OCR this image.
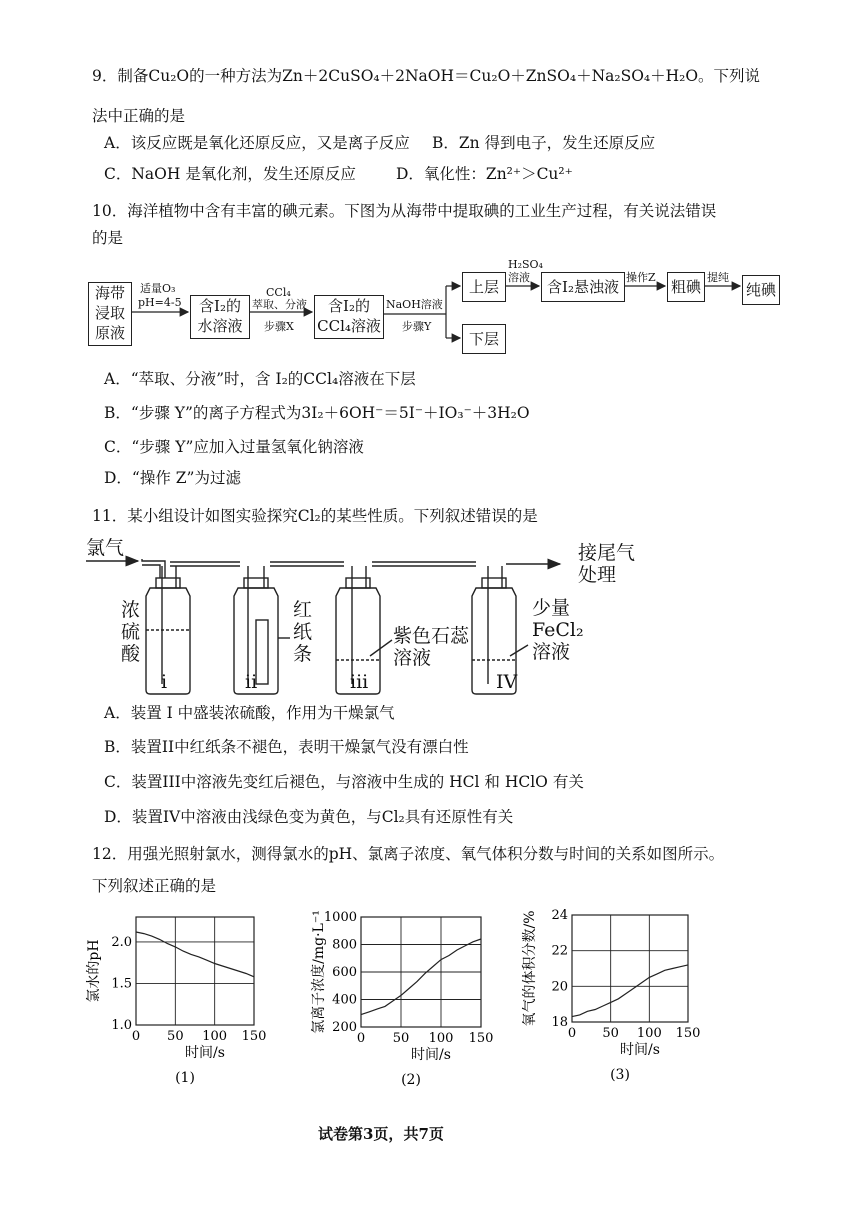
9．制备Cu₂O的一种方法为Zn＋2CuSO₄＋2NaOH＝Cu₂O＋ZnSO₄＋Na₂SO₄＋H₂O。下列说
法中正确的是
A．该反应既是氧化还原反应，又是离子反应 B．Zn 得到电子，发生还原反应
C．NaOH 是氧化剂，发生还原反应	D．氧化性：Zn²⁺＞Cu²⁺
10．海洋植物中含有丰富的碘元素。下图为从海带中提取碘的工业生产过程，有关说法错误
的是
海带
浸取
原液
适量O₃
pH=4-5	含I₂的
水溶液
CCl₄
萃取、分液
步骤X
含I₂的
CCl₄溶液
NaOH溶液
步骤Y
上层
下层
H₂SO₄
溶液
含I₂悬浊液
操作Z
粗碘
提纯
纯碘
A．“萃取、分液”时，含 I₂的CCl₄溶液在下层
B．“步骤 Y”的离子方程式为3I₂＋6OH⁻＝5I⁻＋IO₃⁻＋3H₂O
C．“步骤 Y”应加入过量氢氧化钠溶液
D．“操作 Z”为过滤
11．某小组设计如图实验探究Cl₂的某些性质。下列叙述错误的是
氯气	接尾气
处理
浓
硫
酸
红
纸
条
紫色石蕊
溶液
少量
FeCl₂
溶液
i	ii	iii	IV
A．装置 I 中盛装浓硫酸，作用为干燥氯气
B．装置II中红纸条不褪色，表明干燥氯气没有漂白性
C．装置III中溶液先变红后褪色，与溶液中生成的 HCl 和 HClO 有关
D．装置IV中溶液由浅绿色变为黄色，与Cl₂具有还原性有关
12．用强光照射氯水，测得氯水的pH、氯离子浓度、氧气体积分数与时间的关系如图所示。
下列叙述正确的是
1.0
1.5
2.0
0 50 100 150
时间/s
氯水的pH
(1)
200
400
600
800
1000
0 50 100 150
时间/s
氯离子浓度/mg·L⁻¹
(2)
18
20
22
24
0 50 100 150
时间/s
氧气的体积分数/%
(3)
试卷第3页，共7页
